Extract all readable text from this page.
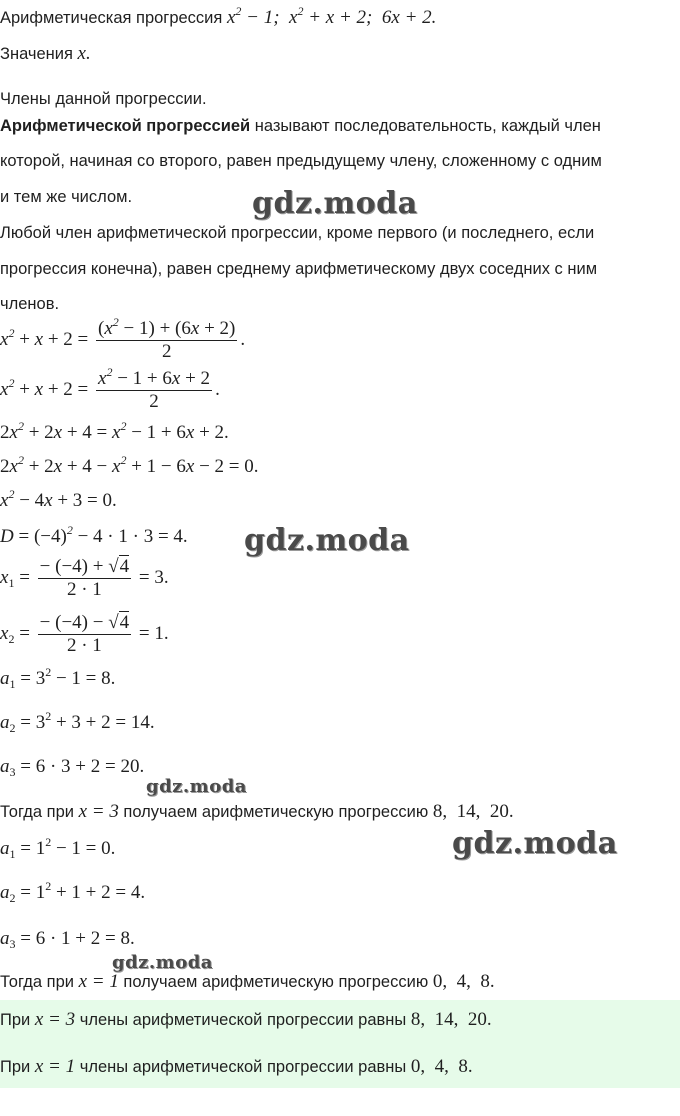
Арифметическая прогрессия $x^2 - 1$;  $x^2 + x + 2$; 6x + 2.
Значения x.
Члены данной прогрессии.
Арифметической прогрессией называют последовательность, каждый член
которой, начиная со второго, равен предыдущему члену, сложенному с одним
и тем же числом.
Любой член арифметической прогрессии, кроме первого (и последнего, если
прогрессия конечна), равен среднему арифметическому двух соседних с ним
членов.
$x^2 + x + 2 = \frac{(x^2 - 1) + (6x + 2)}{2}$ .
$x^2 + x + 2 = \frac{x^2 - 1 + 6x + 2}{2}$ .
$2x^2 + 2x + 4 = x^2 - 1 + 6x + 2$.
$2x^2 + 2x + 4 - x^2 + 1 - 6x - 2 = 0$.
$x^2 - 4x + 3 = 0$.
$D = (-4)^2 - 4 \cdot 1 \cdot 3 = 4$.
$x_1 = \frac{- (-4) + √4}{2 \cdot 1} = 3$.
$x_2 = \frac{- (-4) - √4}{2 \cdot 1} = 1$.
$a_1 = 3^2 - 1 = 8$.
$a_2 = 3^2 + 3 + 2 = 14$.
$a_3 = 6 \cdot 3 + 2 = 20$.
Тогда при x = 3 получаем арифметическую прогрессию 8,  14,  20.
$a_1 = 1^2 - 1 = 0$.
$a_2 = 1^2 + 1 + 2 = 4$.
$a_3 = 6 \cdot 1 + 2 = 8$.
Тогда при x = 1 получаем арифметическую прогрессию 0,  4,  8.
При x = 3 члены арифметической прогрессии равны 8,  14,  20.
При x = 1 члены арифметической прогрессии равны 0,  4,  8.
gdz.moda
gdz.moda
gdz.moda
gdz.moda
gdz.moda
